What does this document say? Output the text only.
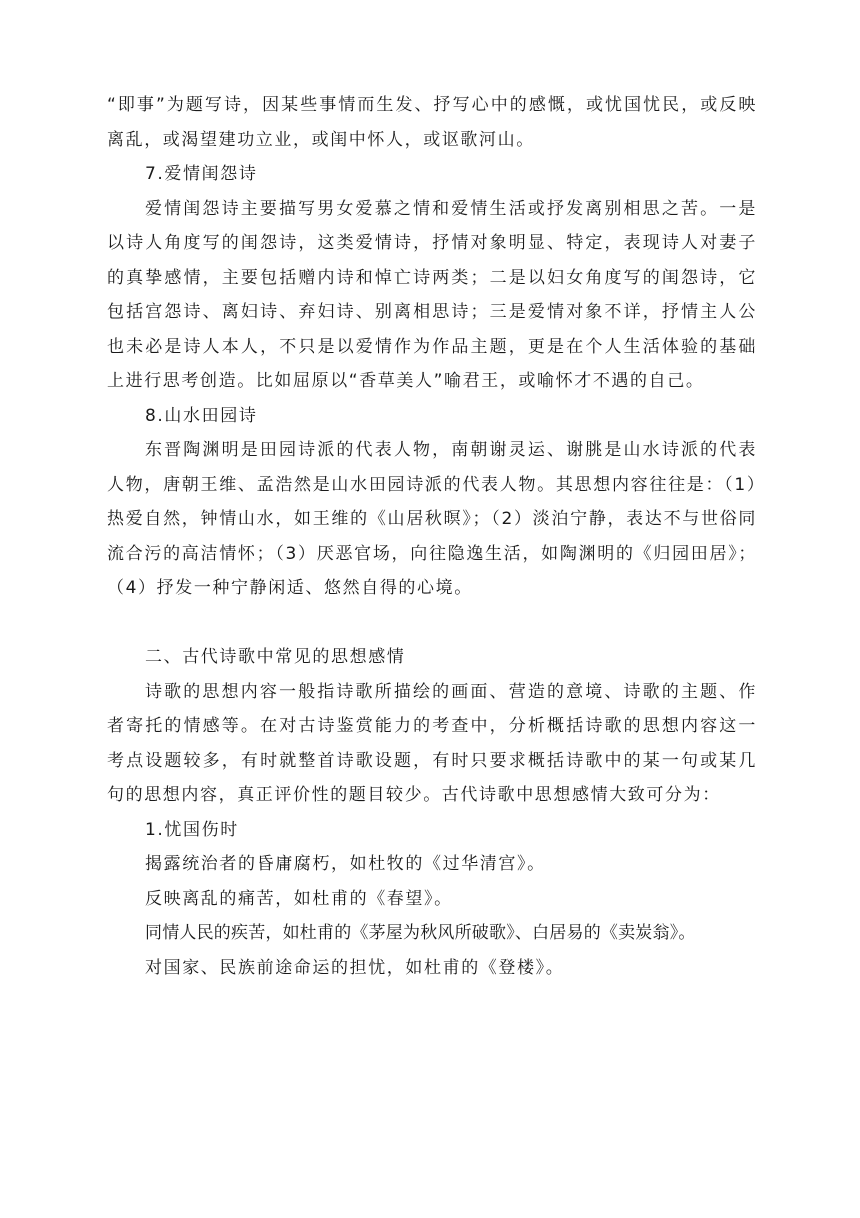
“即事”为题写诗，因某些事情而生发、抒写心中的感慨，或忧国忧民，或反映离乱，或渴望建功立业，或闺中怀人，或讴歌河山。

7.爱情闺怨诗

爱情闺怨诗主要描写男女爱慕之情和爱情生活或抒发离别相思之苦。一是以诗人角度写的闺怨诗，这类爱情诗，抒情对象明显、特定，表现诗人对妻子的真挚感情，主要包括赠内诗和悼亡诗两类；二是以妇女角度写的闺怨诗，它包括宫怨诗、离妇诗、弃妇诗、别离相思诗；三是爱情对象不详，抒情主人公也未必是诗人本人，不只是以爱情作为作品主题，更是在个人生活体验的基础上进行思考创造。比如屈原以“香草美人”喻君王，或喻怀才不遇的自己。

8.山水田园诗

东晋陶渊明是田园诗派的代表人物，南朝谢灵运、谢朓是山水诗派的代表人物，唐朝王维、孟浩然是山水田园诗派的代表人物。其思想内容往往是：（1）热爱自然，钟情山水，如王维的《山居秋暝》；（2）淡泊宁静，表达不与世俗同流合污的高洁情怀；（3）厌恶官场，向往隐逸生活，如陶渊明的《归园田居》；（4）抒发一种宁静闲适、悠然自得的心境。

二、古代诗歌中常见的思想感情

诗歌的思想内容一般指诗歌所描绘的画面、营造的意境、诗歌的主题、作者寄托的情感等。在对古诗鉴赏能力的考查中，分析概括诗歌的思想内容这一考点设题较多，有时就整首诗歌设题，有时只要求概括诗歌中的某一句或某几句的思想内容，真正评价性的题目较少。古代诗歌中思想感情大致可分为：

1.忧国伤时

揭露统治者的昏庸腐朽，如杜牧的《过华清宫》。

反映离乱的痛苦，如杜甫的《春望》。

同情人民的疾苦，如杜甫的《茅屋为秋风所破歌》、白居易的《卖炭翁》。

对国家、民族前途命运的担忧，如杜甫的《登楼》。
